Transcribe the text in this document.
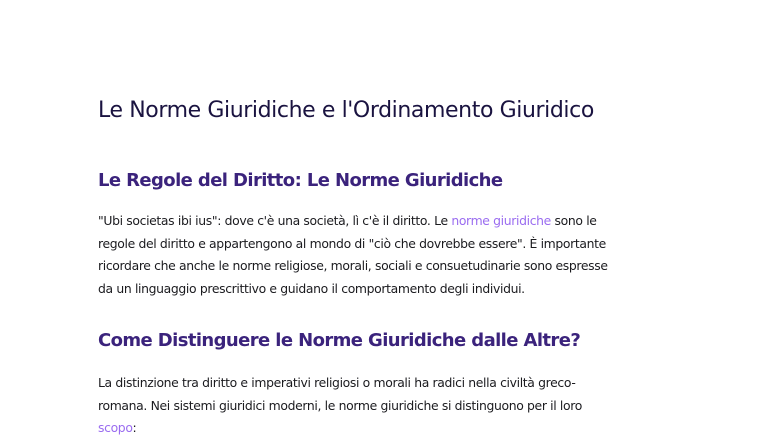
Le Norme Giuridiche e l'Ordinamento Giuridico
Le Regole del Diritto: Le Norme Giuridiche

"Ubi societas ibi ius": dove c'è una società, lì c'è il diritto. Le norme giuridiche sono le
regole del diritto e appartengono al mondo di "ciò che dovrebbe essere". È importante
ricordare che anche le norme religiose, morali, sociali e consuetudinarie sono espresse
da un linguaggio prescrittivo e guidano il comportamento degli individui.

Come Distinguere le Norme Giuridiche dalle Altre?

La distinzione tra diritto e imperativi religiosi o morali ha radici nella civiltà greco-
romana. Nei sistemi giuridici moderni, le norme giuridiche si distinguono per il loro
scopo:
